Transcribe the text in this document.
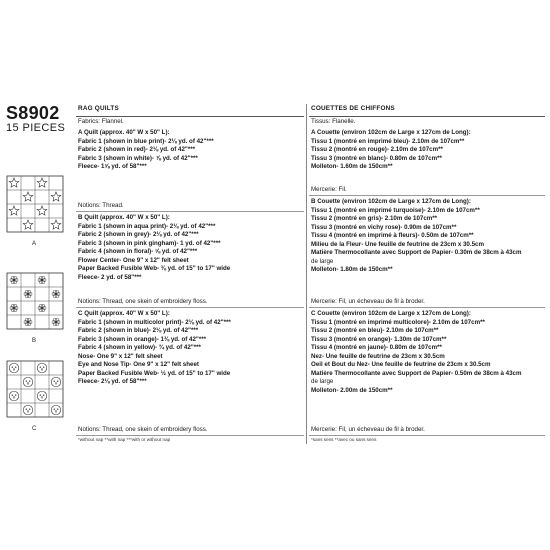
S8902
15 PIECES
RAG QUILTS
Fabrics: Flannel.
A Quilt (approx. 40" W x 50" L):
Fabric 1 (shown in blue print)- 2⅛ yd. of 42"***
Fabric 2 (shown in red)- 2⅛ yd. of 42"***
Fabric 3 (shown in white)- ⅞ yd. of 42"***
Fleece- 1⅝ yd. of 58"***
Notions: Thread.
B Quilt (approx. 40" W x 50" L):
Fabric 1 (shown in aqua print)- 2⅛ yd. of 42"***
Fabric 2 (shown in grey)- 2⅛ yd. of 42"***
Fabric 3 (shown in pink gingham)- 1 yd. of 42"***
Fabric 4 (shown in floral)- ⅝ yd. of 42"***
Flower Center- One 9" x 12" felt sheet
Paper Backed Fusible Web- ⅜ yd. of 15" to 17" wide
Fleece- 2 yd. of 58"***
Notions: Thread, one skein of embroidery floss.
C Quilt (approx. 40" W x 50" L):
Fabric 1 (shown in multicolor print)- 2⅛ yd. of 42"***
Fabric 2 (shown in blue)- 2⅛ yd. of 42"***
Fabric 3 (shown in orange)- 1⅜ yd. of 42"***
Fabric 4 (shown in yellow)- ¾ yd. of 42"***
Nose- One 9" x 12" felt sheet
Eye and Nose Tip- One 9" x 12" felt sheet
Paper Backed Fusible Web- ½ yd. of 15" to 17" wide
Fleece- 2⅛ yd. of 58"***
Notions: Thread, one skein of embroidery floss.
*without nap **with nap ***with or without nap
COUETTES DE CHIFFONS
Tissus: Flanelle.
A Couette (environ 102cm de Large x 127cm de Long):
Tissu 1 (montré en imprimé bleu)- 2.10m de 107cm**
Tissu 2 (montré en rouge)- 2.10m de 107cm**
Tissu 3 (montré en blanc)- 0.80m de 107cm**
Molleton- 1.60m de 150cm**
Mercerie: Fil.
B Couette (environ 102cm de Large x 127cm de Long):
Tissu 1 (montré en imprimé turquoise)- 2.10m de 107cm**
Tissu 2 (montré en gris)- 2.10m de 107cm**
Tissu 3 (montré en vichy rose)- 0.90m de 107cm**
Tissu 4 (montré en imprimé à fleurs)- 0.50m de 107cm**
Milieu de la Fleur- Une feuille de feutrine de 23cm x 30.5cm
Matière Thermocollante avec Support de Papier- 0.30m de 38cm à 43cm
de large
Molleton- 1.80m de 150cm**
Mercerie: Fil, un écheveau de fil à broder.
C Couette (environ 102cm de Large x 127cm de Long):
Tissu 1 (montré en imprimé multicolore)- 2.10m de 107cm**
Tissu 2 (montré en bleu)- 2.10m de 107cm**
Tissu 3 (montré en orange)- 1.30m de 107cm**
Tissu 4 (montré en jaune)- 0.80m de 107cm**
Nez- Une feuille de feutrine de 23cm x 30.5cm
Oeil et Bout du Nez- Une feuille de feutrine de 23cm x 30.5cm
Matière Thermocollante avec Support de Papier- 0.50m de 38cm à 43cm
de large
Molleton- 2.00m de 150cm**
Mercerie: Fil, un écheveau de fil à broder.
*sans sens **avec ou sans sens
A
B
C
